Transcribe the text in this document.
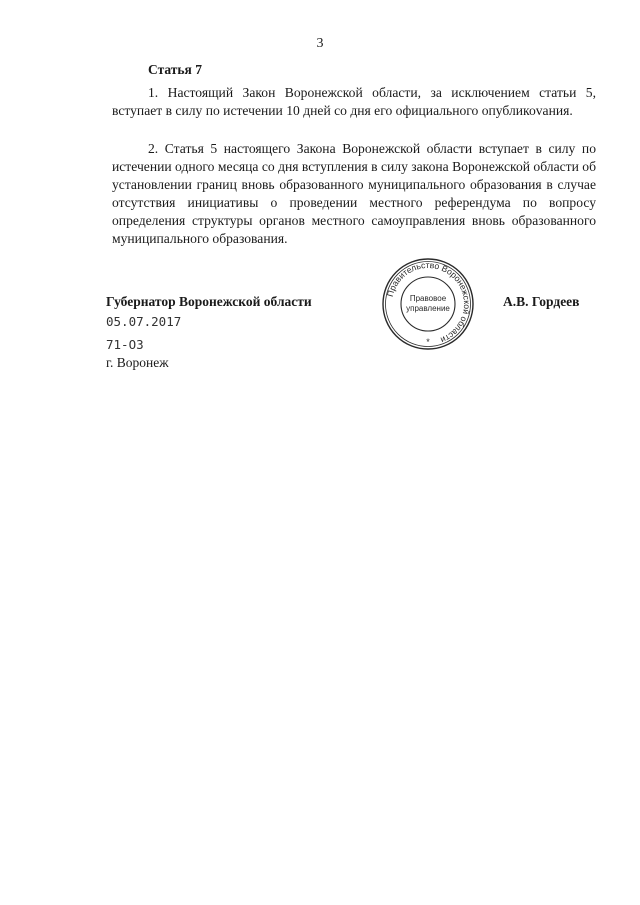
3
Статья 7

1. Настоящий Закон Воронежской области, за исключением статьи 5, вступает в силу по истечении 10 дней со дня его официального опубликоvания.

2. Статья 5 настоящего Закона Воронежской области вступает в силу по истечении одного месяца со дня вступления в силу закона Воронежской области об установлении границ вновь образованного муниципального образования в случае отсутствия инициативы о проведении местного референдума по вопросу определения структуры органов местного самоуправления вновь образованного муниципального образования.

Губернатор Воронежской области
Правительство Воронежской области
Правовое
управление
*
А.В. Гордеев
05.07.2017
71-ОЗ
г. Воронеж
